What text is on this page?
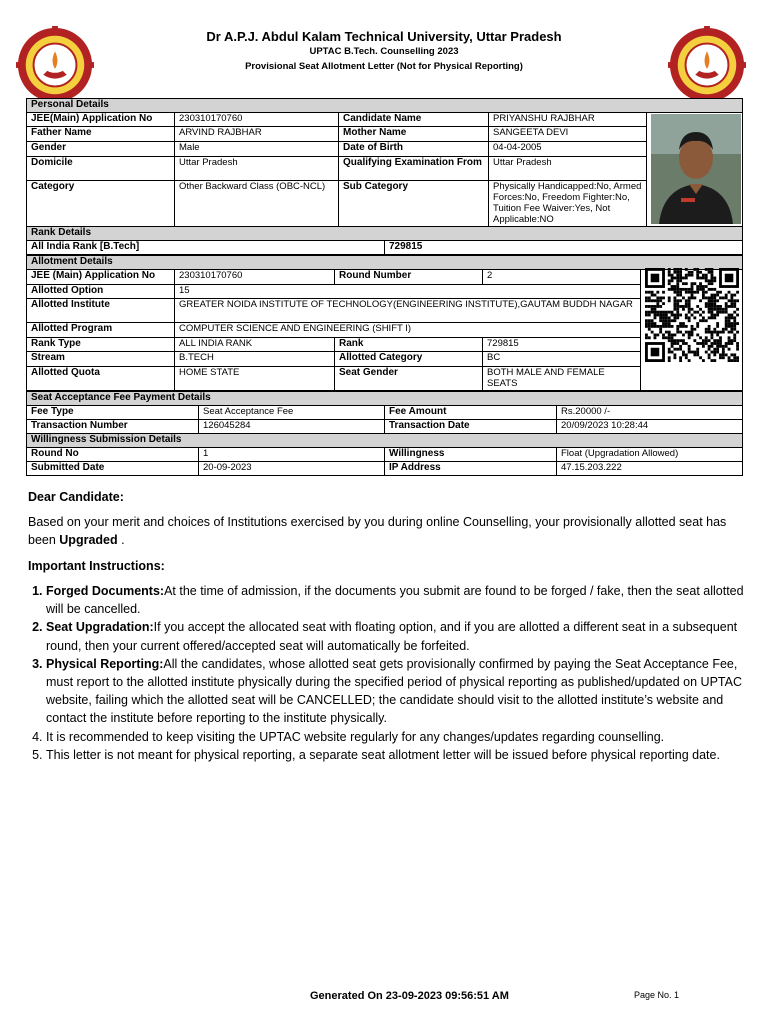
Dr A.P.J. Abdul Kalam Technical University, Uttar Pradesh
UPTAC B.Tech. Counselling 2023
Provisional Seat Allotment Letter (Not for Physical Reporting)
Personal Details				
JEE(Main) Application No	230310170760	Candidate Name	PRIYANSHU RAJBHAR	
Father Name	ARVIND RAJBHAR	Mother Name	SANGEETA DEVI	
Gender	Male	Date of Birth	04-04-2005	
Domicile	Uttar Pradesh	Qualifying Examination From	Uttar Pradesh	
Category	Other Backward Class (OBC-NCL)	Sub Category	Physically Handicapped:No, Armed Forces:No, Freedom Fighter:No, Tuition Fee Waiver:Yes, Not Applicable:NO	
Rank Details
All India Rank [B.Tech]	729815
Allotment Details				
JEE (Main) Application No	230310170760	Round Number	2	
Allotted Option	15			
Allotted Institute	GREATER NOIDA INSTITUTE OF TECHNOLOGY(ENGINEERING INSTITUTE),GAUTAM BUDDH NAGAR			
Allotted Program	COMPUTER SCIENCE AND ENGINEERING (SHIFT I)			
Rank Type	ALL INDIA RANK	Rank	729815	
Stream	B.TECH	Allotted Category	BC	
Allotted Quota	HOME STATE	Seat Gender	BOTH MALE AND FEMALE SEATS	
Seat Acceptance Fee Payment Details			
Fee Type	Seat Acceptance Fee	Fee Amount	Rs.20000 /-
Transaction Number	126045284	Transaction Date	20/09/2023 10:28:44
Willingness Submission Details			
Round No	1	Willingness	Float (Upgradation Allowed)
Submitted Date	20-09-2023	IP Address	47.15.203.222
Dear Candidate:
Based on your merit and choices of Institutions exercised by you during online Counselling, your provisionally allotted seat has been Upgraded .
Important Instructions:
1. Forged Documents:At the time of admission, if the documents you submit are found to be forged / fake, then the seat allotted will be cancelled.
2. Seat Upgradation:If you accept the allocated seat with floating option, and if you are allotted a different seat in a subsequent round, then your current offered/accepted seat will automatically be forfeited.
3. Physical Reporting:All the candidates, whose allotted seat gets provisionally confirmed by paying the Seat Acceptance Fee, must report to the allotted institute physically during the specified period of physical reporting as published/updated on UPTAC website, failing which the allotted seat will be CANCELLED; the candidate should visit to the allotted institute’s website and contact the institute before reporting to the institute physically.
4. It is recommended to keep visiting the UPTAC website regularly for any changes/updates regarding counselling.
5. This letter is not meant for physical reporting, a separate seat allotment letter will be issued before physical reporting date.
Generated On 23-09-2023 09:56:51 AM	Page No. 1
